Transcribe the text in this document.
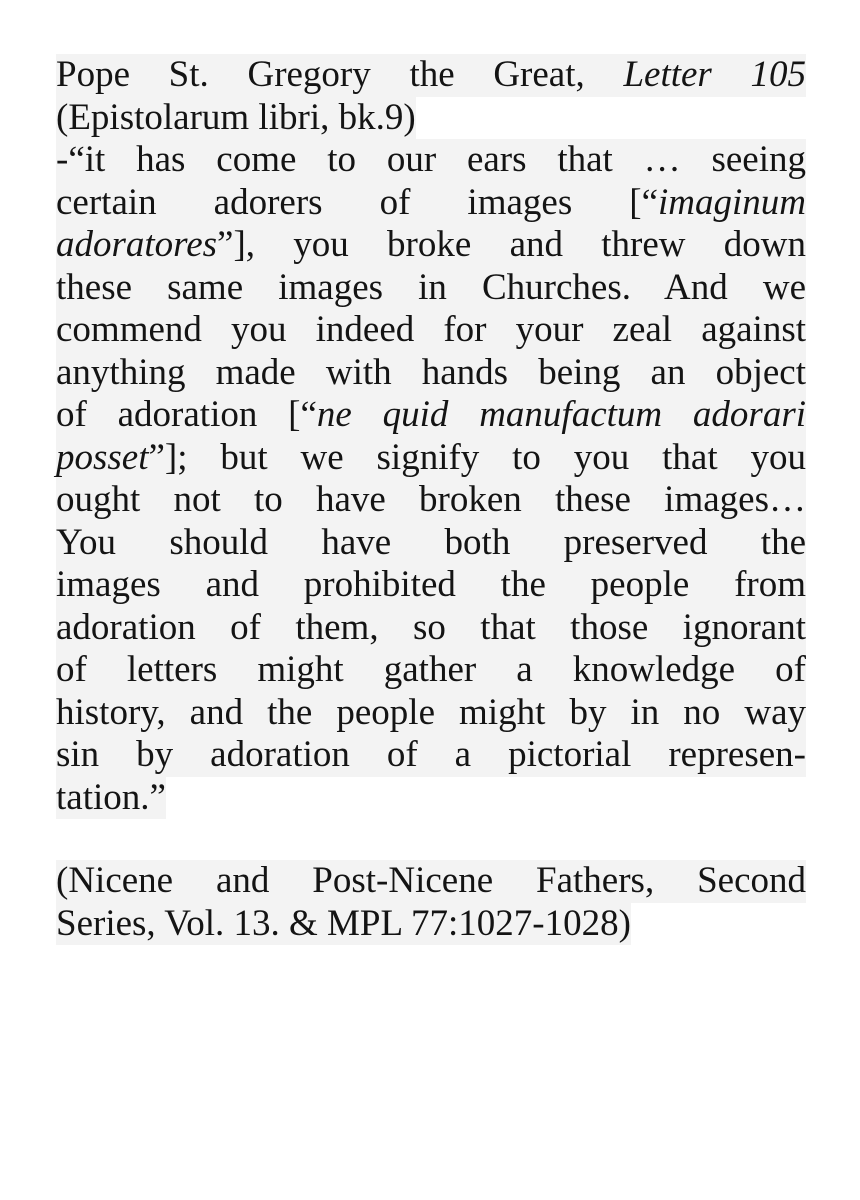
Pope St. Gregory the Great, Letter 105
(Epistolarum libri, bk.9)
-“it has come to our ears that … seeing
certain adorers of images [“imaginum
adoratores”], you broke and threw down
these same images in Churches. And we
commend you indeed for your zeal against
anything made with hands being an object
of adoration [“ne quid manufactum adorari
posset”]; but we signify to you that you
ought not to have broken these images…
You should have both preserved the
images and prohibited the people from
adoration of them, so that those ignorant
of letters might gather a knowledge of
history, and the people might by in no way
sin by adoration of a pictorial represen-
tation.”
(Nicene and Post-Nicene Fathers, Second
Series, Vol. 13. & MPL 77:1027-1028)
